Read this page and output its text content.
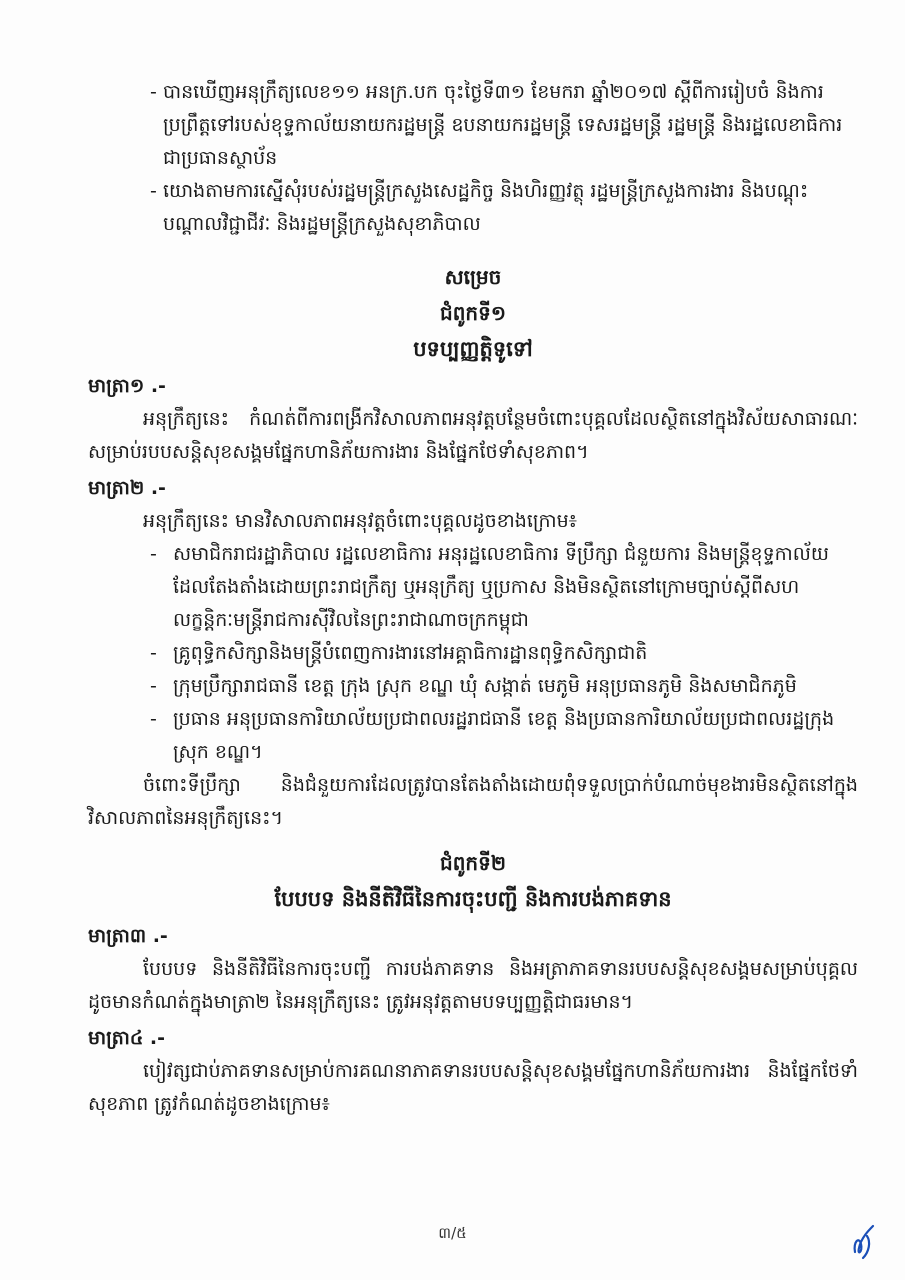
- បានឃើញអនុក្រឹត្យលេខ១១ អនក្រ.បក ចុះថ្ងៃទី៣១ ខែមករា ឆ្នាំ២០១៧ ស្តីពីការរៀបចំ និងការប្រព្រឹត្តទៅរបស់ខុទ្ទកាល័យនាយករដ្ឋមន្ត្រី ឧបនាយករដ្ឋមន្ត្រី ទេសរដ្ឋមន្ត្រី រដ្ឋមន្ត្រី និងរដ្ឋលេខាធិការជាប្រធានស្ថាប័ន
- យោងតាមការស្នើសុំរបស់រដ្ឋមន្ត្រីក្រសួងសេដ្ឋកិច្ច និងហិរញ្ញវត្ថុ រដ្ឋមន្ត្រីក្រសួងការងារ និងបណ្តុះបណ្តាលវិជ្ជាជីវៈ និងរដ្ឋមន្ត្រីក្រសួងសុខាភិបាល
សម្រេច
ជំពូកទី១
បទប្បញ្ញត្តិទូទៅ
មាត្រា១ .-
អនុក្រឹត្យនេះ កំណត់ពីការពង្រីកវិសាលភាពអនុវត្តបន្ថែមចំពោះបុគ្គលដែលស្ថិតនៅក្នុងវិស័យសាធារណៈ សម្រាប់របបសន្តិសុខសង្គមផ្នែកហានិភ័យការងារ និងផ្នែកថែទាំសុខភាព។
មាត្រា២ .-
អនុក្រឹត្យនេះ មានវិសាលភាពអនុវត្តចំពោះបុគ្គលដូចខាងក្រោម៖
- សមាជិករាជរដ្ឋាភិបាល រដ្ឋលេខាធិការ អនុរដ្ឋលេខាធិការ ទីប្រឹក្សា ជំនួយការ និងមន្ត្រីខុទ្ទកាល័យ ដែលតែងតាំងដោយព្រះរាជក្រឹត្យ ឬអនុក្រឹត្យ ឬប្រកាស និងមិនស្ថិតនៅក្រោមច្បាប់ស្តីពីសហលក្ខន្តិកៈមន្ត្រីរាជការស៊ីវិលនៃព្រះរាជាណាចក្រកម្ពុជា
- គ្រូពុទ្ធិកសិក្សានិងមន្ត្រីបំពេញការងារនៅអគ្គាធិការដ្ឋានពុទ្ធិកសិក្សាជាតិ
- ក្រុមប្រឹក្សារាជធានី ខេត្ត ក្រុង ស្រុក ខណ្ឌ ឃុំ សង្កាត់ មេភូមិ អនុប្រធានភូមិ និងសមាជិកភូមិ
- ប្រធាន អនុប្រធានការិយាល័យប្រជាពលរដ្ឋរាជធានី ខេត្ត និងប្រធានការិយាល័យប្រជាពលរដ្ឋក្រុង ស្រុក ខណ្ឌ។
ចំពោះទីប្រឹក្សា និងជំនួយការដែលត្រូវបានតែងតាំងដោយពុំទទួលប្រាក់បំណាច់មុខងារមិនស្ថិតនៅក្នុងវិសាលភាពនៃអនុក្រឹត្យនេះ។
ជំពូកទី២
បែបបទ និងនីតិវិធីនៃការចុះបញ្ជី និងការបង់ភាគទាន
មាត្រា៣ .-
បែបបទ និងនីតិវិធីនៃការចុះបញ្ជី ការបង់ភាគទាន និងអត្រាភាគទានរបបសន្តិសុខសង្គមសម្រាប់បុគ្គល ដូចមានកំណត់ក្នុងមាត្រា២ នៃអនុក្រឹត្យនេះ ត្រូវអនុវត្តតាមបទប្បញ្ញត្តិជាធរមាន។
មាត្រា៤ .-
បៀវត្សជាប់ភាគទានសម្រាប់ការគណនាភាគទានរបបសន្តិសុខសង្គមផ្នែកហានិភ័យការងារ និងផ្នែកថែទាំសុខភាព ត្រូវកំណត់ដូចខាងក្រោម៖
៣/៥
